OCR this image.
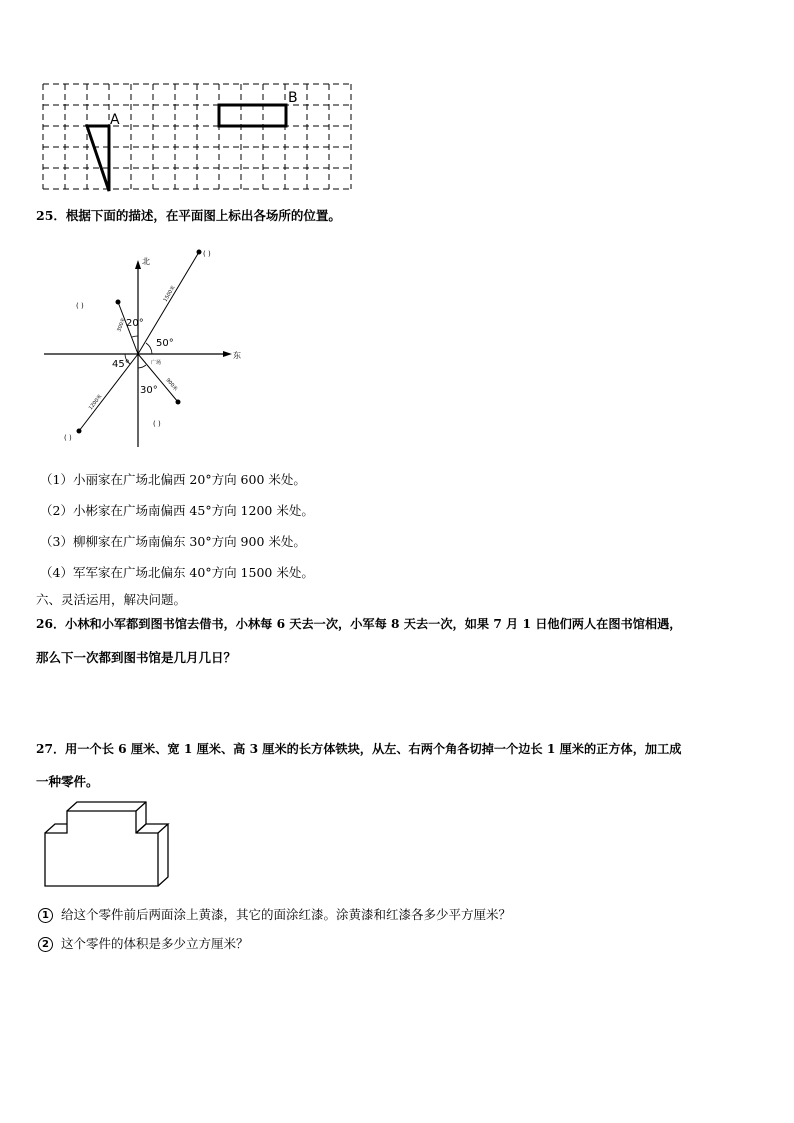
A
B
25．根据下面的描述，在平面图上标出各场所的位置。
北
东
20°
50°
45°
30°
广场
300米
1500米
1200米
900米
( )
( )
( )
( )
（1）小丽家在广场北偏西 20°方向 600 米处。
（2）小彬家在广场南偏西 45°方向 1200 米处。
（3）柳柳家在广场南偏东 30°方向 900 米处。
（4）军军家在广场北偏东 40°方向 1500 米处。
六、灵活运用，解决问题。
26．小林和小军都到图书馆去借书，小林每 6 天去一次，小军每 8 天去一次，如果 7 月 1 日他们两人在图书馆相遇，
那么下一次都到图书馆是几月几日？
27．用一个长 6 厘米、宽 1 厘米、高 3 厘米的长方体铁块，从左、右两个角各切掉一个边长 1 厘米的正方体，加工成
一种零件。
1 给这个零件前后两面涂上黄漆，其它的面涂红漆。涂黄漆和红漆各多少平方厘米？
2 这个零件的体积是多少立方厘米？
